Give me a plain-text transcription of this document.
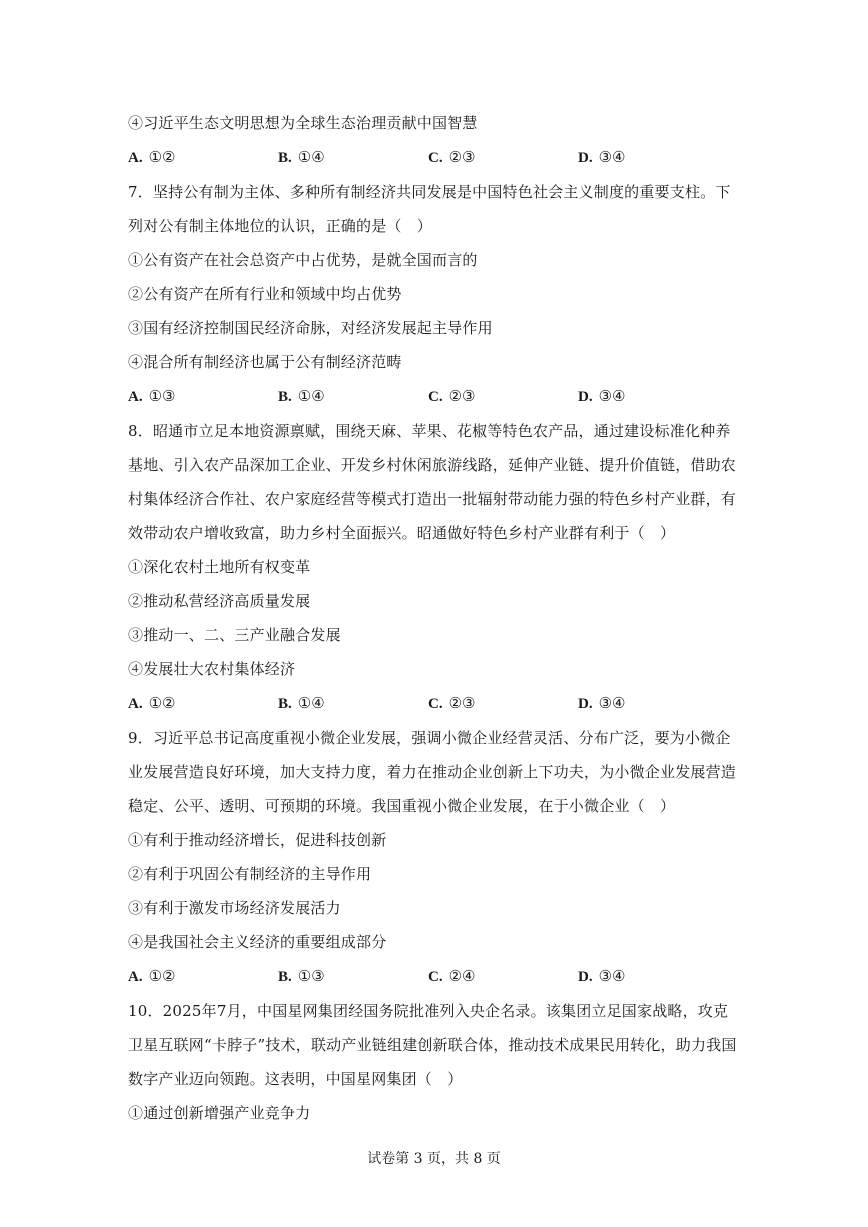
④习近平生态文明思想为全球生态治理贡献中国智慧
A. ①②	B. ①④	C. ②③	D. ③④
7．坚持公有制为主体、多种所有制经济共同发展是中国特色社会主义制度的重要支柱。下
列对公有制主体地位的认识，正确的是（　）
①公有资产在社会总资产中占优势，是就全国而言的
②公有资产在所有行业和领域中均占优势
③国有经济控制国民经济命脉，对经济发展起主导作用
④混合所有制经济也属于公有制经济范畴
A. ①③	B. ①④	C. ②③	D. ③④
8．昭通市立足本地资源禀赋，围绕天麻、苹果、花椒等特色农产品，通过建设标准化种养
基地、引入农产品深加工企业、开发乡村休闲旅游线路，延伸产业链、提升价值链，借助农
村集体经济合作社、农户家庭经营等模式打造出一批辐射带动能力强的特色乡村产业群，有
效带动农户增收致富，助力乡村全面振兴。昭通做好特色乡村产业群有利于（　）
①深化农村土地所有权变革
②推动私营经济高质量发展
③推动一、二、三产业融合发展
④发展壮大农村集体经济
A. ①②	B. ①④	C. ②③	D. ③④
9．习近平总书记高度重视小微企业发展，强调小微企业经营灵活、分布广泛，要为小微企
业发展营造良好环境，加大支持力度，着力在推动企业创新上下功夫，为小微企业发展营造
稳定、公平、透明、可预期的环境。我国重视小微企业发展，在于小微企业（　）
①有利于推动经济增长，促进科技创新
②有利于巩固公有制经济的主导作用
③有利于激发市场经济发展活力
④是我国社会主义经济的重要组成部分
A. ①②	B. ①③	C. ②④	D. ③④
10．2025年7月，中国星网集团经国务院批准列入央企名录。该集团立足国家战略，攻克
卫星互联网“卡脖子”技术，联动产业链组建创新联合体，推动技术成果民用转化，助力我国
数字产业迈向领跑。这表明，中国星网集团（　）
①通过创新增强产业竞争力
试卷第 3 页，共 8 页
